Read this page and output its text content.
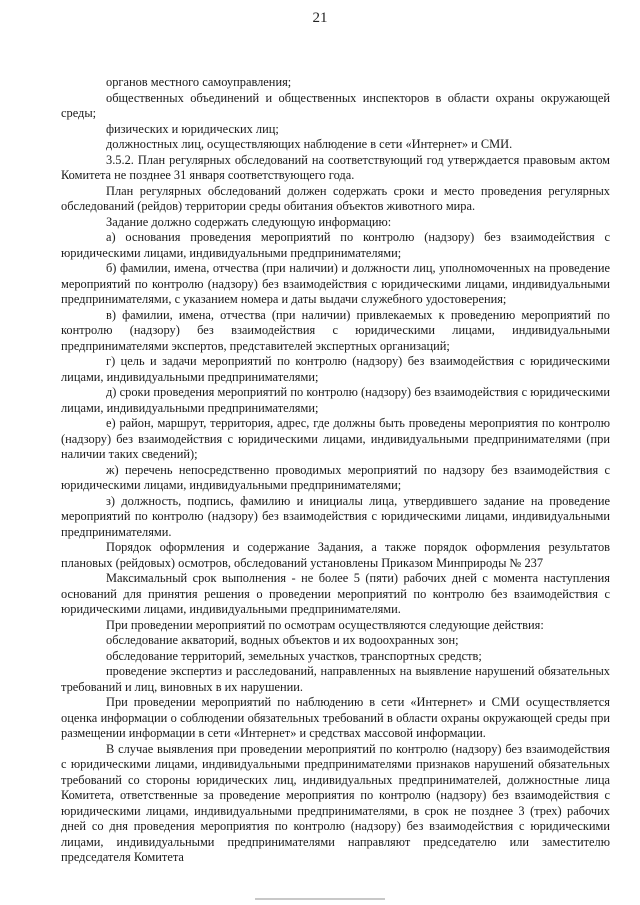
21

органов местного самоуправления;

общественных объединений и общественных инспекторов в области охраны окружающей среды;

физических и юридических лиц;

должностных лиц, осуществляющих наблюдение в сети «Интернет» и СМИ.

3.5.2. План регулярных обследований на соответствующий год утверждается правовым актом Комитета не позднее 31 января соответствующего года.

План регулярных обследований должен содержать сроки и место проведения регулярных обследований (рейдов) территории среды обитания объектов животного мира.

Задание должно содержать следующую информацию:

а) основания проведения мероприятий по контролю (надзору) без взаимодействия с юридическими лицами, индивидуальными предпринимателями;

б) фамилии, имена, отчества (при наличии) и должности лиц, уполномоченных на проведение мероприятий по контролю (надзору) без взаимодействия с юридическими лицами, индивидуальными предпринимателями, с указанием номера и даты выдачи служебного удостоверения;

в) фамилии, имена, отчества (при наличии) привлекаемых к проведению мероприятий по контролю (надзору) без взаимодействия с юридическими лицами, индивидуальными предпринимателями экспертов, представителей экспертных организаций;

г) цель и задачи мероприятий по контролю (надзору) без взаимодействия с юридическими лицами, индивидуальными предпринимателями;

д) сроки проведения мероприятий по контролю (надзору) без взаимодействия с юридическими лицами, индивидуальными предпринимателями;

е) район, маршрут, территория, адрес, где должны быть проведены мероприятия по контролю (надзору) без взаимодействия с юридическими лицами, индивидуальными предпринимателями (при наличии таких сведений);

ж) перечень непосредственно проводимых мероприятий по надзору без взаимодействия с юридическими лицами, индивидуальными предпринимателями;

з) должность, подпись, фамилию и инициалы лица, утвердившего задание на проведение мероприятий по контролю (надзору) без взаимодействия с юридическими лицами, индивидуальными предпринимателями.

Порядок оформления и содержание Задания, а также порядок оформления результатов плановых (рейдовых) осмотров, обследований установлены Приказом Минприроды № 237

Максимальный срок выполнения - не более 5 (пяти) рабочих дней с момента наступления оснований для принятия решения о проведении мероприятий по контролю без взаимодействия с юридическими лицами, индивидуальными предпринимателями.

При проведении мероприятий по осмотрам осуществляются следующие действия:

обследование акваторий, водных объектов и их водоохранных зон;

обследование территорий, земельных участков, транспортных средств;

проведение экспертиз и расследований, направленных на выявление нарушений обязательных требований и лиц, виновных в их нарушении.

При проведении мероприятий по наблюдению в сети «Интернет» и СМИ осуществляется оценка информации о соблюдении обязательных требований в области охраны окружающей среды при размещении информации в сети «Интернет» и средствах массовой информации.

В случае выявления при проведении мероприятий по контролю (надзору) без взаимодействия с юридическими лицами, индивидуальными предпринимателями признаков нарушений обязательных требований со стороны юридических лиц, индивидуальных предпринимателей, должностные лица Комитета, ответственные за проведение мероприятия по контролю (надзору) без взаимодействия с юридическими лицами, индивидуальными предпринимателями, в срок не позднее 3 (трех) рабочих дней со дня проведения мероприятия по контролю (надзору) без взаимодействия с юридическими лицами, индивидуальными предпринимателями направляют председателю или заместителю председателя Комитета
